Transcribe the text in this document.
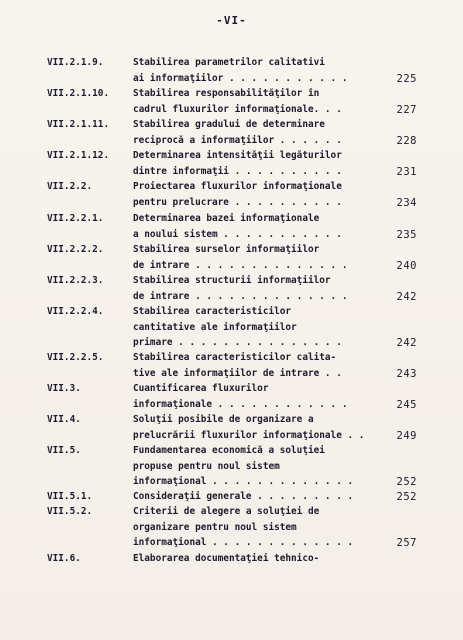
-VI-
VII.2.1.9.	Stabilirea parametrilor calitativi
ai informaţiilor . . . . . . . . . . .	225
VII.2.1.10.	Stabilirea responsabilităţilor în
cadrul fluxurilor informaţionale. . .	227
VII.2.1.11.	Stabilirea gradului de determinare
reciprocă a informaţiilor . . . . . .	228
VII.2.1.12.	Determinarea intensităţii legăturilor
dintre informaţii . . . . . . . . . .	231
VII.2.2.	Proiectarea fluxurilor informaţionale
pentru prelucrare . . . . . . . . . .	234
VII.2.2.1.	Determinarea bazei informaţionale
a noului sistem . . . . . . . . . . .	235
VII.2.2.2.	Stabilirea surselor informaţiilor
de intrare . . . . . . . . . . . . . .	240
VII.2.2.3.	Stabilirea structurii informaţiilor
de intrare . . . . . . . . . . . . . .	242
VII.2.2.4.	Stabilirea caracteristicilor
cantitative ale informaţiilor
primare . . . . . . . . . . . . . . .	242
VII.2.2.5.	Stabilirea caracteristicilor calita-
tive ale informaţiilor de intrare . .	243
VII.3.	Cuantificarea fluxurilor
informaţionale . . . . . . . . . . . .	245
VII.4.	Soluţii posibile de organizare a
prelucrării fluxurilor informaţionale . .	249
VII.5.	Fundamentarea economică a soluţiei
propuse pentru noul sistem
informaţional . . . . . . . . . . . . .	252
VII.5.1.	Consideraţii generale . . . . . . . . .	252
VII.5.2.	Criterii de alegere a soluţiei de
organizare pentru noul sistem
informaţional . . . . . . . . . . . . .	257
VII.6.	Elaborarea documentaţiei tehnico-
